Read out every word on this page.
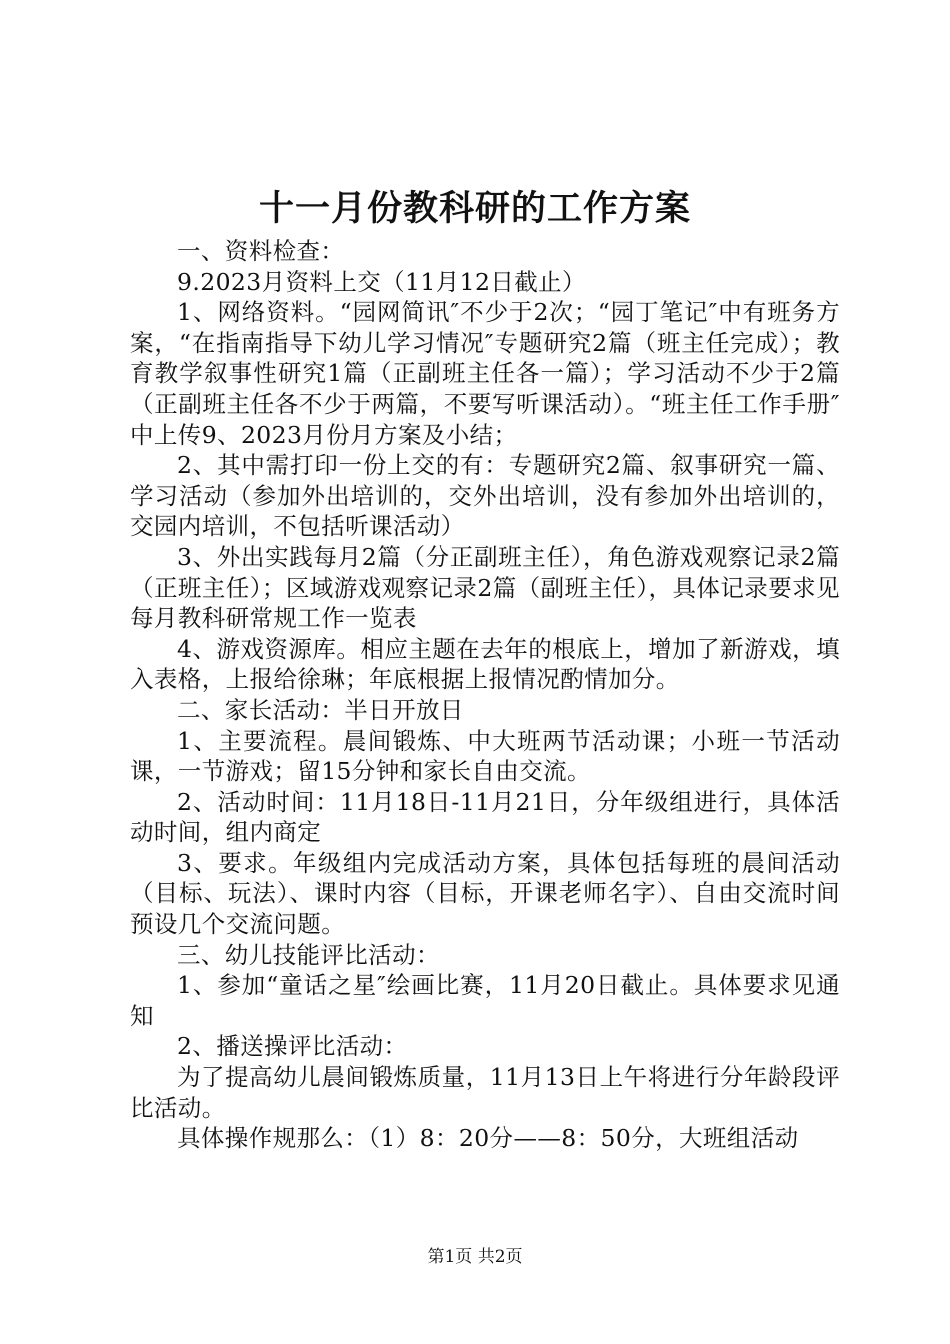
十一月份教科研的工作方案

一、资料检查：

9.2023月资料上交（11月12日截止）

1、网络资料。“园网简讯″不少于2次；“园丁笔记″中有班务方案，“在指南指导下幼儿学习情况″专题研究2篇（班主任完成）；教育教学叙事性研究1篇（正副班主任各一篇）；学习活动不少于2篇（正副班主任各不少于两篇，不要写听课活动）。“班主任工作手册″中上传9、2023月份月方案及小结；

2、其中需打印一份上交的有：专题研究2篇、叙事研究一篇、学习活动（参加外出培训的，交外出培训，没有参加外出培训的，交园内培训，不包括听课活动）

3、外出实践每月2篇（分正副班主任），角色游戏观察记录2篇（正班主任）；区域游戏观察记录2篇（副班主任），具体记录要求见每月教科研常规工作一览表

4、游戏资源库。相应主题在去年的根底上，增加了新游戏，填入表格，上报给徐琳；年底根据上报情况酌情加分。

二、家长活动：半日开放日

1、主要流程。晨间锻炼、中大班两节活动课；小班一节活动课，一节游戏；留15分钟和家长自由交流。

2、活动时间：11月18日-11月21日，分年级组进行，具体活动时间，组内商定

3、要求。年级组内完成活动方案，具体包括每班的晨间活动（目标、玩法）、课时内容（目标，开课老师名字）、自由交流时间预设几个交流问题。

三、幼儿技能评比活动：

1、参加“童话之星″绘画比赛，11月20日截止。具体要求见通知

2、播送操评比活动：

为了提高幼儿晨间锻炼质量，11月13日上午将进行分年龄段评比活动。

具体操作规那么：（1）8：20分——8：50分，大班组活动

第1页 共2页
